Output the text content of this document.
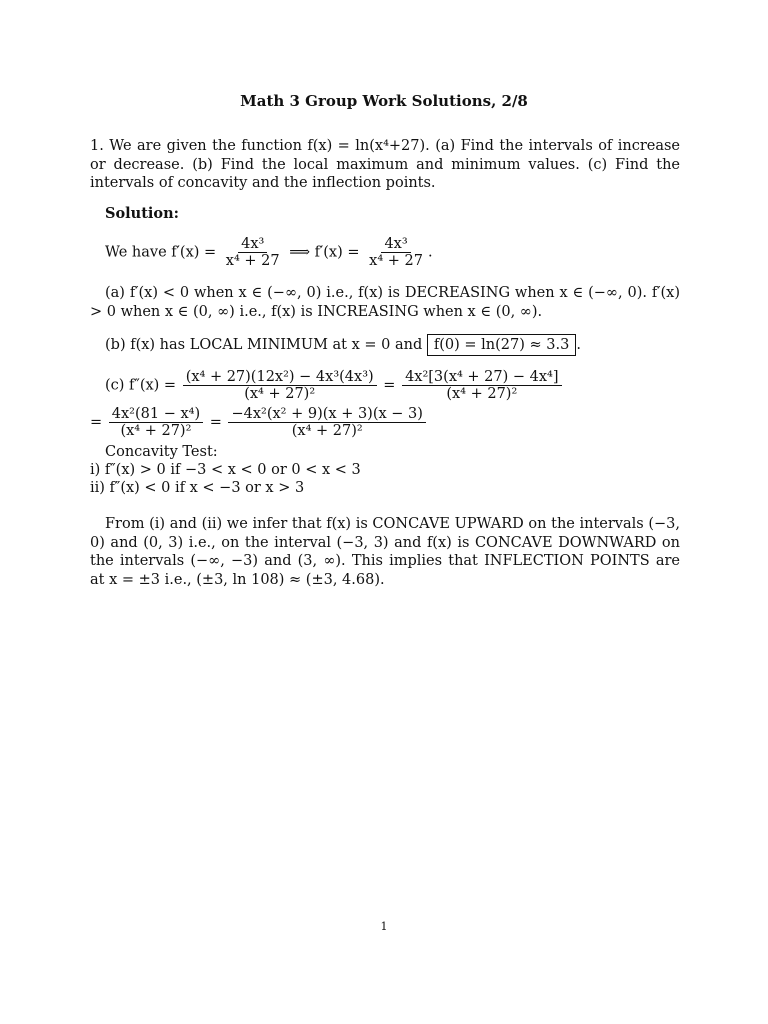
Math 3 Group Work Solutions, 2/8
1. We are given the function f(x) = ln(x⁴+27). (a) Find the intervals of increase or decrease. (b) Find the local maximum and minimum values. (c) Find the intervals of concavity and the inflection points.
Solution:
We have $f'(x) = \frac{\text{4x³}}{\text{x⁴ + 27}}$ ⟹ $f'(x) = \frac{\text{4x³}}{\text{x⁴ + 27}}$ .
(a) f′(x) < 0 when x ∈ (−∞, 0) i.e., f(x) is DECREASING when x ∈ (−∞, 0). f′(x) > 0 when x ∈ (0, ∞) i.e., f(x) is INCREASING when x ∈ (0, ∞).
(b) f(x) has LOCAL MINIMUM at x = 0 and f(0) = ln(27) ≈ 3.3 .
(c) $f''(x) = \frac{\text{(x⁴ + 27)(12x²) − 4x³(4x³)}}{\text{(x⁴ + 27)²}} = \frac{\text{4x²[3(x⁴ + 27) − 4x⁴]}}{\text{(x⁴ + 27)²}}$
= $\frac{\text{4x²(81 − x⁴)}}{\text{(x⁴ + 27)²}} = \frac{\text{−4x²(x² + 9)(x + 3)(x − 3)}}{\text{(x⁴ + 27)²}}$
Concavity Test:
i) f″(x) > 0 if −3 < x < 0 or 0 < x < 3
ii) f″(x) < 0 if x < −3 or x > 3
From (i) and (ii) we infer that f(x) is CONCAVE UPWARD on the intervals (−3, 0) and (0, 3) i.e., on the interval (−3, 3) and f(x) is CONCAVE DOWNWARD on the intervals (−∞, −3) and (3, ∞). This implies that INFLECTION POINTS are at x = ±3 i.e., (±3, ln 108) ≈ (±3, 4.68).
1
